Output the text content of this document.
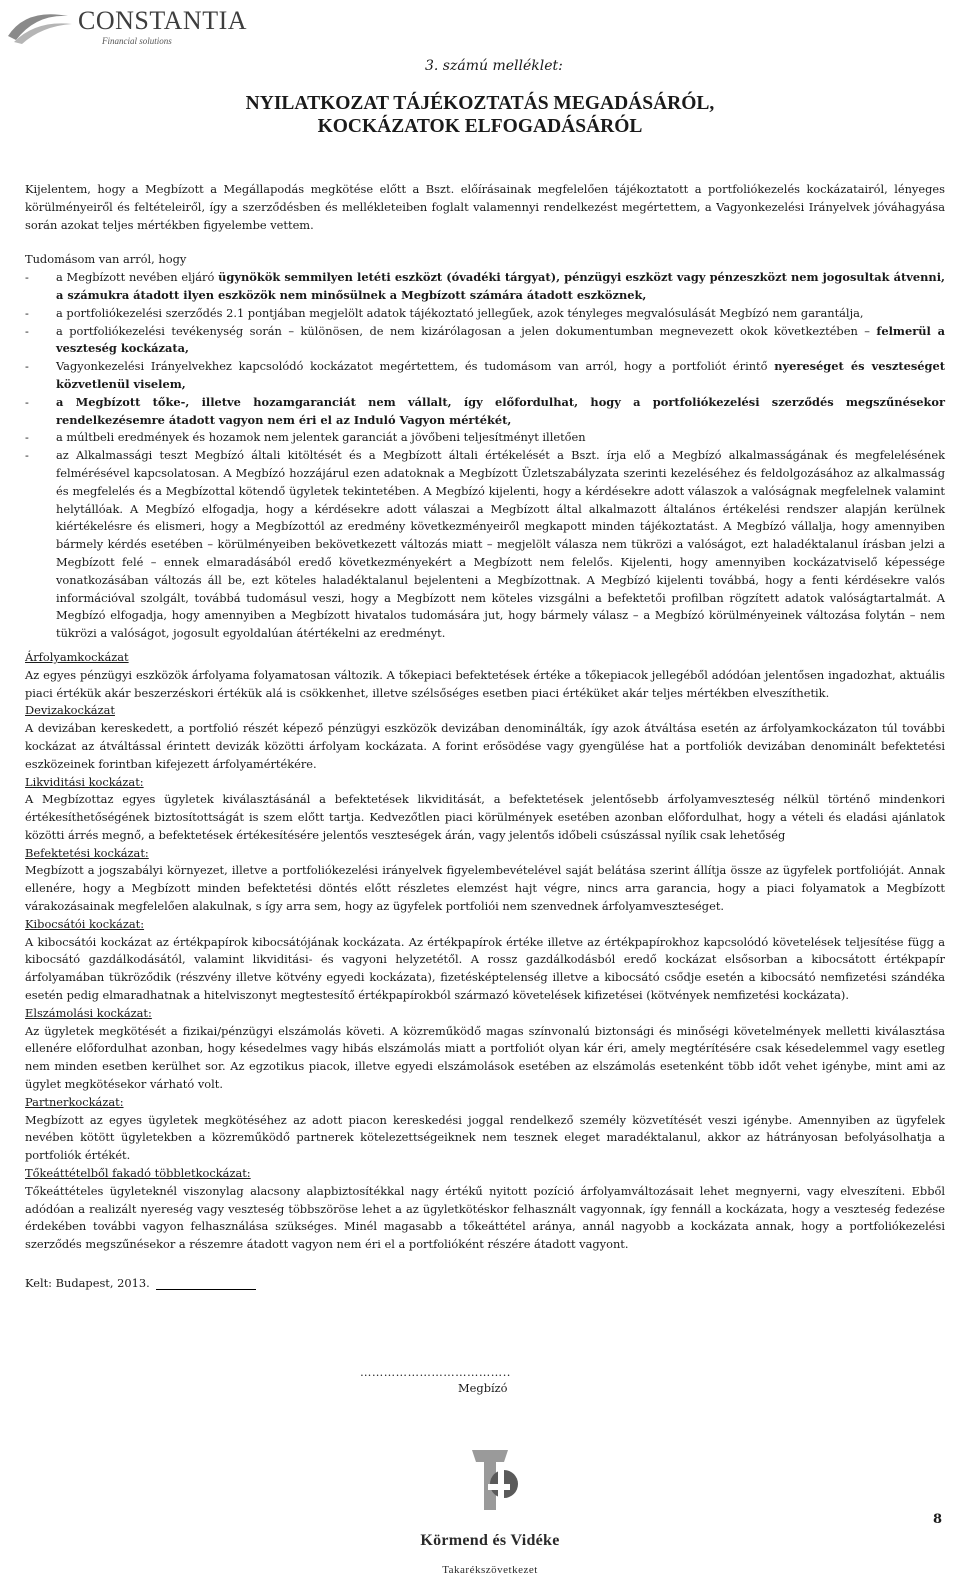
CONSTANTIA
Financial solutions
3. számú melléklet:
NYILATKOZAT TÁJÉKOZTATÁS MEGADÁSÁRÓL,
KOCKÁZATOK ELFOGADÁSÁRÓL

Kijelentem, hogy a Megbízott a Megállapodás megkötése előtt a Bszt. előírásainak megfelelően tájékoztatott a portfoliókezelés kockázatairól, lényeges körülményeiről és feltételeiről, így a szerződésben és mellékleteiben foglalt valamennyi rendelkezést megértettem, a Vagyonkezelési Irányelvek jóváhagyása során azokat teljes mértékben figyelembe vettem.

Tudomásom van arról, hogy

-	a Megbízott nevében eljáró ügynökök semmilyen letéti eszközt (óvadéki tárgyat), pénzügyi eszközt vagy pénzeszközt nem jogosultak átvenni, a számukra átadott ilyen eszközök nem minősülnek a Megbízott számára átadott eszköznek,
-	a portfoliókezelési szerződés 2.1 pontjában megjelölt adatok tájékoztató jellegűek, azok tényleges megvalósulását Megbízó nem garantálja,
-	a portfoliókezelési tevékenység során – különösen, de nem kizárólagosan a jelen dokumentumban megnevezett okok következtében – felmerül a veszteség kockázata,
-	Vagyonkezelési Irányelvekhez kapcsolódó kockázatot megértettem, és tudomásom van arról, hogy a portfoliót érintő nyereséget és veszteséget közvetlenül viselem,
-	a Megbízott tőke-, illetve hozamgaranciát nem vállalt, így előfordulhat, hogy a portfoliókezelési szerződés megszűnésekor rendelkezésemre átadott vagyon nem éri el az Induló Vagyon mértékét,
-	a múltbeli eredmények és hozamok nem jelentek garanciát a jövőbeni teljesítményt illetően
-	az Alkalmassági teszt Megbízó általi kitöltését és a Megbízott általi értékelését a Bszt. írja elő a Megbízó alkalmasságának és megfelelésének felmérésével kapcsolatosan. A Megbízó hozzájárul ezen adatoknak a Megbízott Üzletszabályzata szerinti kezeléséhez és feldolgozásához az alkalmasság és megfelelés és a Megbízottal kötendő ügyletek tekintetében. A Megbízó kijelenti, hogy a kérdésekre adott válaszok a valóságnak megfelelnek valamint helytállóak. A Megbízó elfogadja, hogy a kérdésekre adott válaszai a Megbízott által alkalmazott általános értékelési rendszer alapján kerülnek kiértékelésre és elismeri, hogy a Megbízottól az eredmény következményeiről megkapott minden tájékoztatást. A Megbízó vállalja, hogy amennyiben bármely kérdés esetében – körülményeiben bekövetkezett változás miatt – megjelölt válasza nem tükrözi a valóságot, ezt haladéktalanul írásban jelzi a Megbízott felé – ennek elmaradásából eredő következményekért a Megbízott nem felelős. Kijelenti, hogy amennyiben kockázatviselő képessége vonatkozásában változás áll be, ezt köteles haladéktalanul bejelenteni a Megbízottnak. A Megbízó kijelenti továbbá, hogy a fenti kérdésekre valós információval szolgált, továbbá tudomásul veszi, hogy a Megbízott nem köteles vizsgálni a befektetői profilban rögzített adatok valóságtartalmát. A Megbízó elfogadja, hogy amennyiben a Megbízott hivatalos tudomására jut, hogy bármely válasz – a Megbízó körülményeinek változása folytán – nem tükrözi a valóságot, jogosult egyoldalúan átértékelni az eredményt.

Árfolyamkockázat

Az egyes pénzügyi eszközök árfolyama folyamatosan változik. A tőkepiaci befektetések értéke a tőkepiacok jellegéből adódóan jelentősen ingadozhat, aktuális piaci értékük akár beszerzéskori értékük alá is csökkenhet, illetve szélsőséges esetben piaci értéküket akár teljes mértékben elveszíthetik.

Devizakockázat

A devizában kereskedett, a portfolió részét képező pénzügyi eszközök devizában denominálták, így azok átváltása esetén az árfolyamkockázaton túl további kockázat az átváltással érintett devizák közötti árfolyam kockázata. A forint erősödése vagy gyengülése hat a portfoliók devizában denominált befektetési eszközeinek forintban kifejezett árfolyamértékére.

Likviditási kockázat:

A Megbízottaz egyes ügyletek kiválasztásánál a befektetések likviditását, a befektetések jelentősebb árfolyamveszteség nélkül történő mindenkori értékesíthetőségének biztosítottságát is szem előtt tartja. Kedvezőtlen piaci körülmények esetében azonban előfordulhat, hogy a vételi és eladási ajánlatok közötti árrés megnő, a befektetések értékesítésére jelentős veszteségek árán, vagy jelentős időbeli csúszással nyílik csak lehetőség

Befektetési kockázat:

Megbízott a jogszabályi környezet, illetve a portfoliókezelési irányelvek figyelembevételével saját belátása szerint állítja össze az ügyfelek portfolióját. Annak ellenére, hogy a Megbízott minden befektetési döntés előtt részletes elemzést hajt végre, nincs arra garancia, hogy a piaci folyamatok a Megbízott várakozásainak megfelelően alakulnak, s így arra sem, hogy az ügyfelek portfoliói nem szenvednek árfolyamveszteséget.

Kibocsátói kockázat:

A kibocsátói kockázat az értékpapírok kibocsátójának kockázata. Az értékpapírok értéke illetve az értékpapírokhoz kapcsolódó követelések teljesítése függ a kibocsátó gazdálkodásától, valamint likviditási- és vagyoni helyzetétől. A rossz gazdálkodásból eredő kockázat elsősorban a kibocsátott értékpapír árfolyamában tükröződik (részvény illetve kötvény egyedi kockázata), fizetésképtelenség illetve a kibocsátó csődje esetén a kibocsátó nemfizetési szándéka esetén pedig elmaradhatnak a hitelviszonyt megtestesítő értékpapírokból származó követelések kifizetései (kötvények nemfizetési kockázata).

Elszámolási kockázat:

Az ügyletek megkötését a fizikai/pénzügyi elszámolás követi. A közreműködő magas színvonalú biztonsági és minőségi követelmények melletti kiválasztása ellenére előfordulhat azonban, hogy késedelmes vagy hibás elszámolás miatt a portfoliót olyan kár éri, amely megtérítésére csak késedelemmel vagy esetleg nem minden esetben kerülhet sor. Az egzotikus piacok, illetve egyedi elszámolások esetében az elszámolás esetenként több időt vehet igénybe, mint ami az ügylet megkötésekor várható volt.

Partnerkockázat:

Megbízott az egyes ügyletek megkötéséhez az adott piacon kereskedési joggal rendelkező személy közvetítését veszi igénybe. Amennyiben az ügyfelek nevében kötött ügyletekben a közreműködő partnerek kötelezettségeiknek nem tesznek eleget maradéktalanul, akkor az hátrányosan befolyásolhatja a portfoliók értékét.

Tőkeáttételből fakadó többletkockázat:

Tőkeáttételes ügyleteknél viszonylag alacsony alapbiztosítékkal nagy értékű nyitott pozíció árfolyamváltozásait lehet megnyerni, vagy elveszíteni. Ebből adódóan a realizált nyereség vagy veszteség többszöröse lehet a az ügyletkötéskor felhasznált vagyonnak, így fennáll a kockázata, hogy a veszteség fedezése érdekében további vagyon felhasználása szükséges. Minél magasabb a tőkeáttétel aránya, annál nagyobb a kockázata annak, hogy a portfoliókezelési szerződés megszűnésekor a részemre átadott vagyon nem éri el a portfolióként részére átadott vagyont.

Kelt: Budapest, 2013.
………………………………..
Megbízó
Körmend és Vidéke
Takarékszövetkezet
8
